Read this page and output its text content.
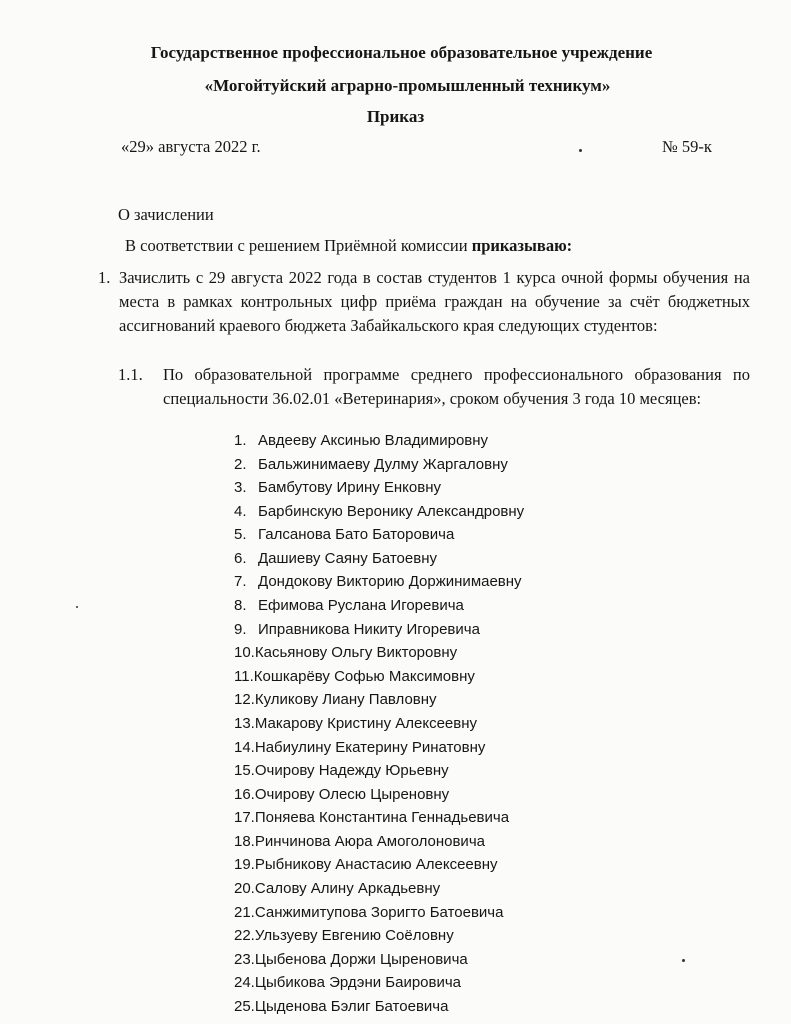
Государственное профессиональное образовательное учреждение
«Могойтуйский аграрно-промышленный техникум»
Приказ
«29» августа 2022 г.	№ 59-к
О зачислении
В соответствии с решением Приёмной комиссии приказываю:
1. Зачислить с 29 августа 2022 года в состав студентов 1 курса очной формы обучения на места в рамках контрольных цифр приёма граждан на обучение за счёт бюджетных ассигнований краевого бюджета Забайкальского края следующих студентов:
1.1. По образовательной программе среднего профессионального образования по специальности 36.02.01 «Ветеринария», сроком обучения 3 года 10 месяцев:
1. Авдееву Аксинью Владимировну
2. Бальжинимаеву Дулму Жаргаловну
3. Бамбутову Ирину Енковну
4. Барбинскую Веронику Александровну
5. Галсанова Бато Баторовича
6. Дашиеву Саяну Батоевну
7. Дондокову Викторию Доржинимаевну
8. Ефимова Руслана Игоревича
9. Иправникова Никиту Игоревича
10.Касьянову Ольгу Викторовну
11.Кошкарёву Софью Максимовну
12.Куликову Лиану Павловну
13.Макарову Кристину Алексеевну
14.Набиулину Екатерину Ринатовну
15.Очирову Надежду Юрьевну
16.Очирову Олесю Цыреновну
17.Поняева Константина Геннадьевича
18.Ринчинова Аюра Амоголоновича
19.Рыбникову Анастасию Алексеевну
20.Салову Алину Аркадьевну
21.Санжимитупова Зоригто Батоевича
22.Ульзуеву Евгению Соёловну
23.Цыбенова Доржи Цыреновича
24.Цыбикова Эрдэни Баировича
25.Цыденова Бэлиг Батоевича
